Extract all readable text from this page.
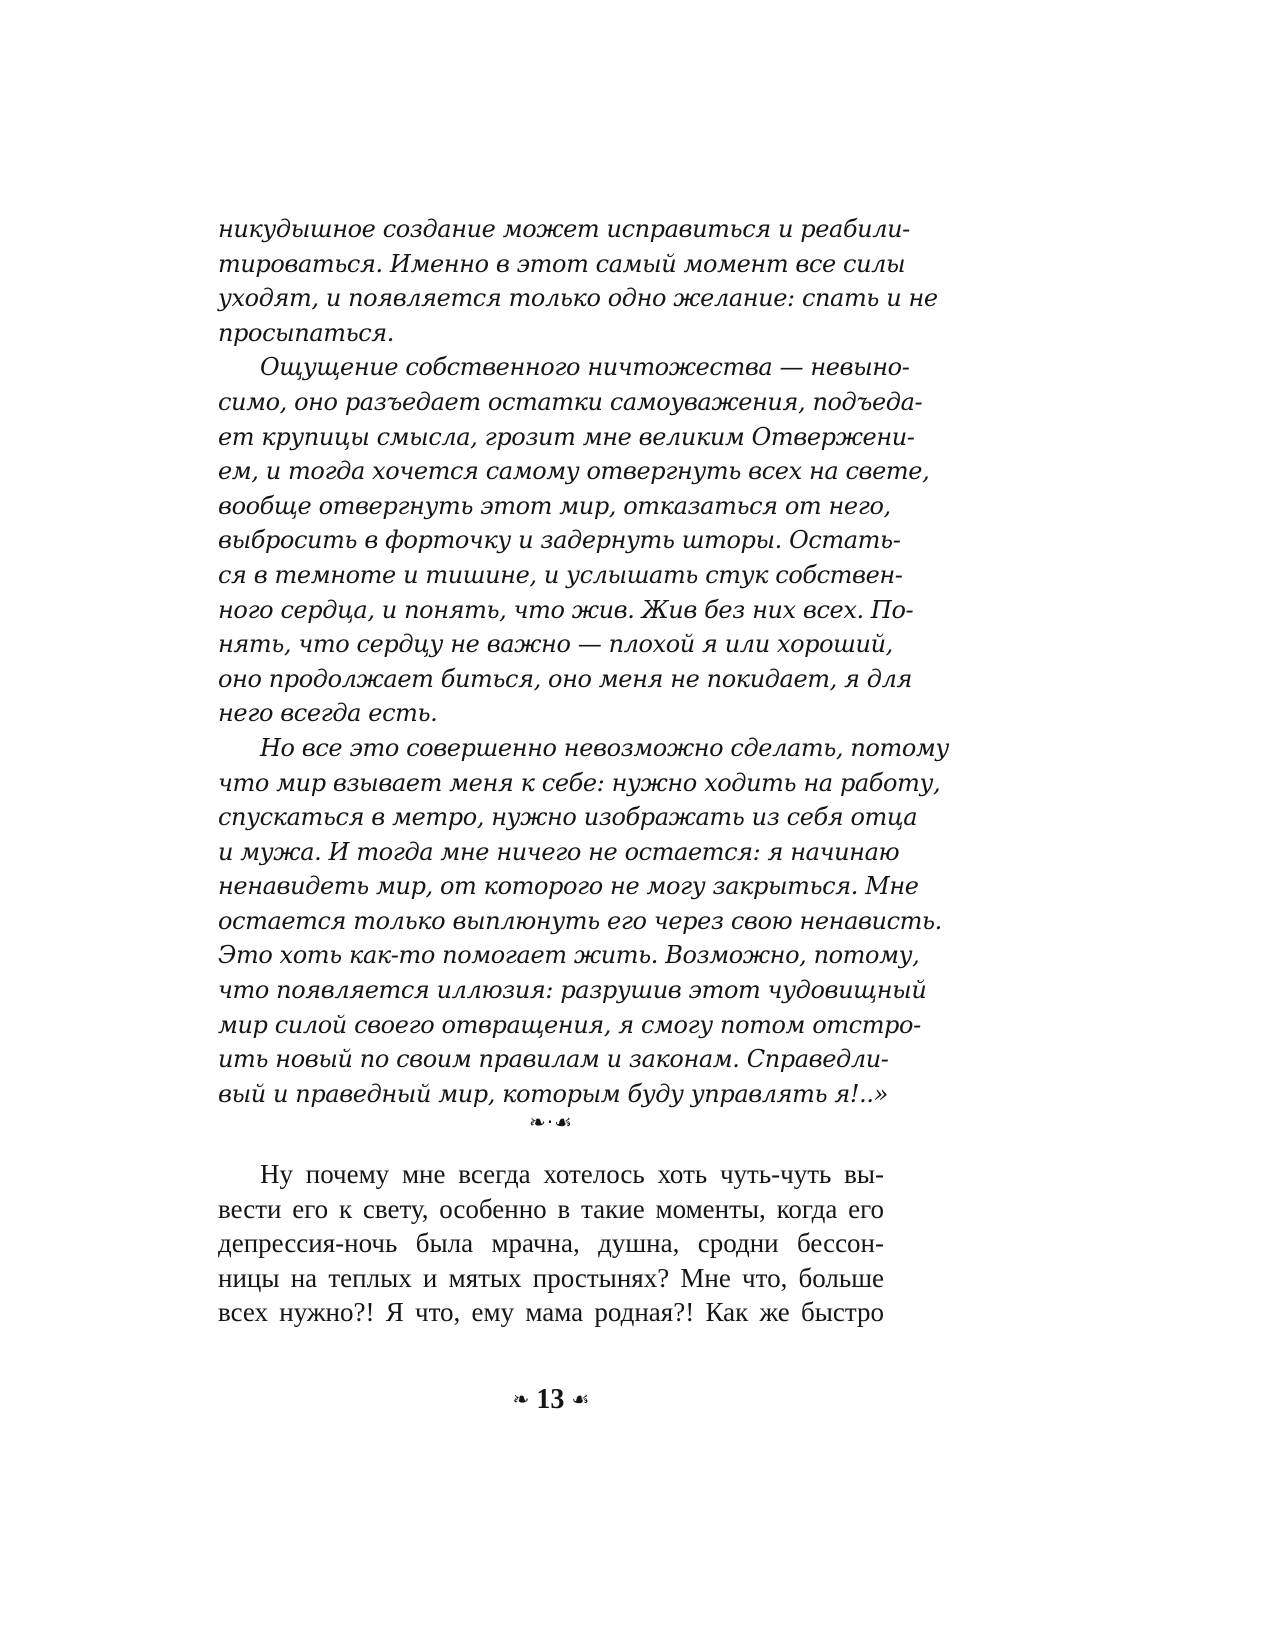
никудышное создание может исправиться и реабили-
тироваться. Именно в этот самый момент все силы
уходят, и появляется только одно желание: спать и не
просыпаться.
Ощущение собственного ничтожества — невыно-
симо, оно разъедает остатки самоуважения, подъеда-
ет крупицы смысла, грозит мне великим Отвержени-
ем, и тогда хочется самому отвергнуть всех на свете,
вообще отвергнуть этот мир, отказаться от него,
выбросить в форточку и задернуть шторы. Остать-
ся в темноте и тишине, и услышать стук собствен-
ного сердца, и понять, что жив. Жив без них всех. По-
нять, что сердцу не важно — плохой я или хороший,
оно продолжает биться, оно меня не покидает, я для
него всегда есть.
Но все это совершенно невозможно сделать, потому
что мир взывает меня к себе: нужно ходить на работу,
спускаться в метро, нужно изображать из себя отца
и мужа. И тогда мне ничего не остается: я начинаю
ненавидеть мир, от которого не могу закрыться. Мне
остается только выплюнуть его через свою ненависть.
Это хоть как-то помогает жить. Возможно, потому,
что появляется иллюзия: разрушив этот чудовищный
мир силой своего отвращения, я смогу потом отстро-
ить новый по своим правилам и законам. Справедли-
вый и праведный мир, которым буду управлять я!..»
❧·☙
Ну почему мне всегда хотелось хоть чуть-чуть вы-
вести его к свету, особенно в такие моменты, когда его
депрессия-ночь была мрачна, душна, сродни бессон-
ницы на теплых и мятых простынях? Мне что, больше
всех нужно?! Я что, ему мама родная?! Как же быстро
❧ 13 ☙
